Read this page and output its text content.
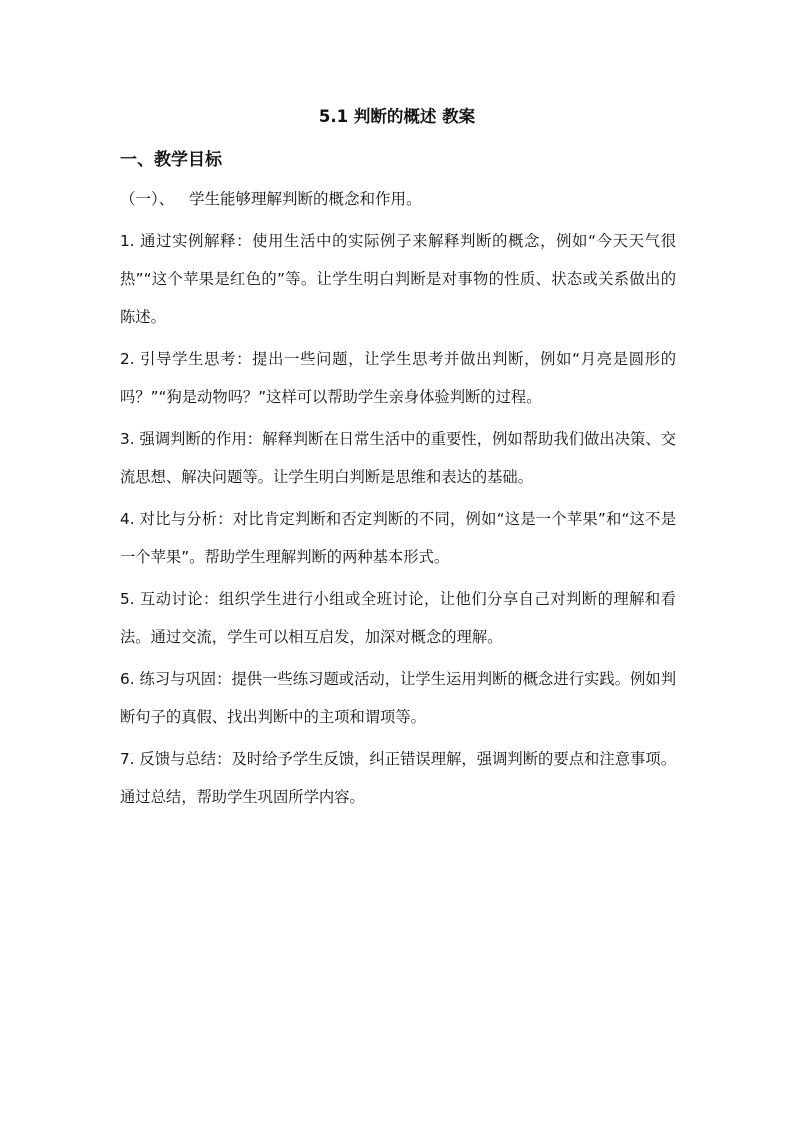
5.1 判断的概述 教案
一、教学目标

（一）、   学生能够理解判断的概念和作用。

1. 通过实例解释：使用生活中的实际例子来解释判断的概念，例如“今天天气很热”“这个苹果是红色的”等。让学生明白判断是对事物的性质、状态或关系做出的陈述。

2. 引导学生思考：提出一些问题，让学生思考并做出判断，例如“月亮是圆形的吗？”“狗是动物吗？”这样可以帮助学生亲身体验判断的过程。

3. 强调判断的作用：解释判断在日常生活中的重要性，例如帮助我们做出决策、交流思想、解决问题等。让学生明白判断是思维和表达的基础。

4. 对比与分析：对比肯定判断和否定判断的不同，例如“这是一个苹果”和“这不是一个苹果”。帮助学生理解判断的两种基本形式。

5. 互动讨论：组织学生进行小组或全班讨论，让他们分享自己对判断的理解和看法。通过交流，学生可以相互启发，加深对概念的理解。

6. 练习与巩固：提供一些练习题或活动，让学生运用判断的概念进行实践。例如判断句子的真假、找出判断中的主项和谓项等。

7. 反馈与总结：及时给予学生反馈，纠正错误理解，强调判断的要点和注意事项。通过总结，帮助学生巩固所学内容。
